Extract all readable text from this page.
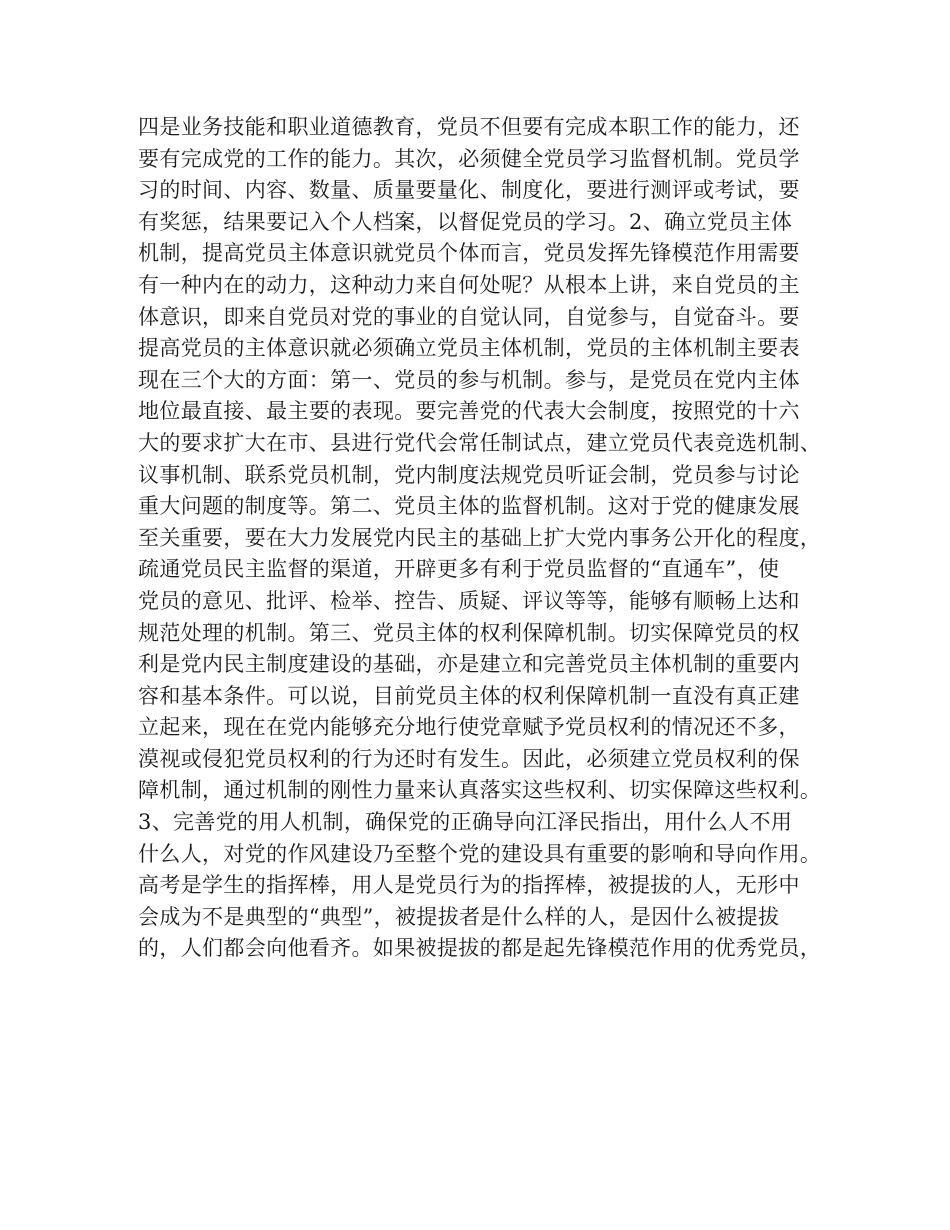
四是业务技能和职业道德教育，党员不但要有完成本职工作的能力，还
要有完成党的工作的能力。其次，必须健全党员学习监督机制。党员学
习的时间、内容、数量、质量要量化、制度化，要进行测评或考试，要
有奖惩，结果要记入个人档案，以督促党员的学习。2、确立党员主体
机制，提高党员主体意识就党员个体而言，党员发挥先锋模范作用需要
有一种内在的动力，这种动力来自何处呢？从根本上讲，来自党员的主
体意识，即来自党员对党的事业的自觉认同，自觉参与，自觉奋斗。要
提高党员的主体意识就必须确立党员主体机制，党员的主体机制主要表
现在三个大的方面：第一、党员的参与机制。参与，是党员在党内主体
地位最直接、最主要的表现。要完善党的代表大会制度，按照党的十六
大的要求扩大在市、县进行党代会常任制试点，建立党员代表竞选机制、
议事机制、联系党员机制，党内制度法规党员听证会制，党员参与讨论
重大问题的制度等。第二、党员主体的监督机制。这对于党的健康发展
至关重要，要在大力发展党内民主的基础上扩大党内事务公开化的程度，
疏通党员民主监督的渠道，开辟更多有利于党员监督的“直通车”，使
党员的意见、批评、检举、控告、质疑、评议等等，能够有顺畅上达和
规范处理的机制。第三、党员主体的权利保障机制。切实保障党员的权
利是党内民主制度建设的基础，亦是建立和完善党员主体机制的重要内
容和基本条件。可以说，目前党员主体的权利保障机制一直没有真正建
立起来，现在在党内能够充分地行使党章赋予党员权利的情况还不多，
漠视或侵犯党员权利的行为还时有发生。因此，必须建立党员权利的保
障机制，通过机制的刚性力量来认真落实这些权利、切实保障这些权利。
3、完善党的用人机制，确保党的正确导向江泽民指出，用什么人不用
什么人，对党的作风建设乃至整个党的建设具有重要的影响和导向作用。
高考是学生的指挥棒，用人是党员行为的指挥棒，被提拔的人，无形中
会成为不是典型的“典型”，被提拔者是什么样的人，是因什么被提拔
的，人们都会向他看齐。如果被提拔的都是起先锋模范作用的优秀党员，
